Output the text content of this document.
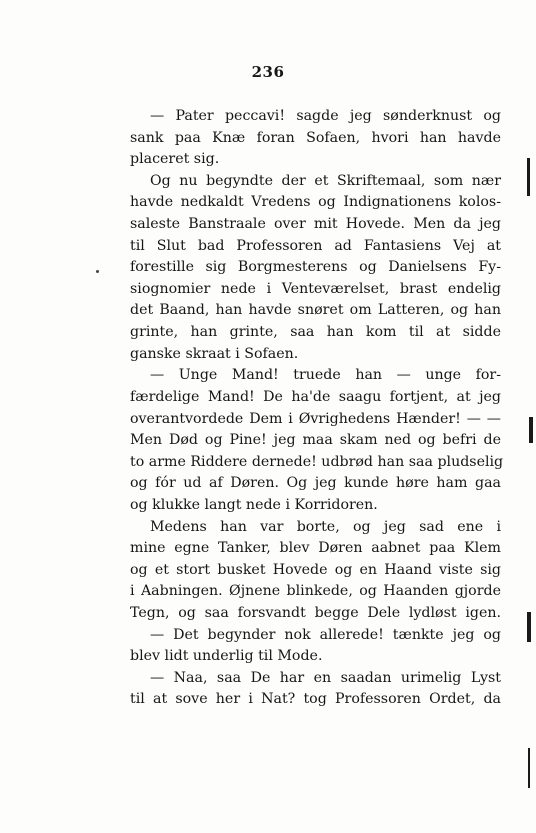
236
— Pater peccavi! sagde jeg sønderknust og
sank paa Knæ foran Sofaen, hvori han havde
placeret sig.
Og nu begyndte der et Skriftemaal, som nær
havde nedkaldt Vredens og Indignationens kolos-
saleste Banstraale over mit Hovede. Men da jeg
til Slut bad Professoren ad Fantasiens Vej at
forestille sig Borgmesterens og Danielsens Fy-
siognomier nede i Venteværelset, brast endelig
det Baand, han havde snøret om Latteren, og han
grinte, han grinte, saa han kom til at sidde
ganske skraat i Sofaen.
— Unge Mand! truede han — unge for-
færdelige Mand! De ha'de saagu fortjent, at jeg
overantvordede Dem i Øvrighedens Hænder! — —
Men Død og Pine! jeg maa skam ned og befri de
to arme Riddere dernede! udbrød han saa pludselig
og fór ud af Døren. Og jeg kunde høre ham gaa
og klukke langt nede i Korridoren.
Medens han var borte, og jeg sad ene i
mine egne Tanker, blev Døren aabnet paa Klem
og et stort busket Hovede og en Haand viste sig
i Aabningen. Øjnene blinkede, og Haanden gjorde
Tegn, og saa forsvandt begge Dele lydløst igen.
— Det begynder nok allerede! tænkte jeg og
blev lidt underlig til Mode.
— Naa, saa De har en saadan urimelig Lyst
til at sove her i Nat? tog Professoren Ordet, da
